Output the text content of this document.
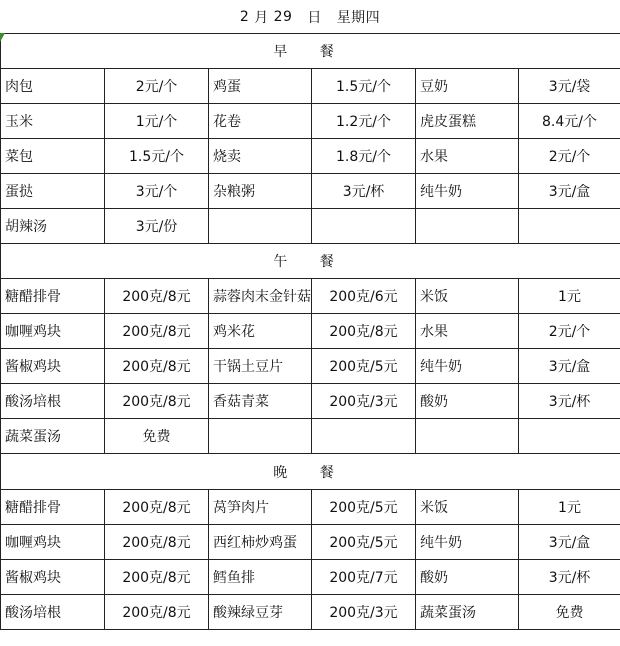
2
月
29
日
星期四
早 餐					
肉包	2元/个	鸡蛋	1.5元/个	豆奶	3元/袋
玉米	1元/个	花卷	1.2元/个	虎皮蛋糕	8.4元/个
菜包	1.5元/个	烧卖	1.8元/个	水果	2元/个
蛋挞	3元/个	杂粮粥	3元/杯	纯牛奶	3元/盒
胡辣汤	3元/份				
午 餐					
糖醋排骨	200克/8元	蒜蓉肉末金针菇	200克/6元	米饭	1元
咖喱鸡块	200克/8元	鸡米花	200克/8元	水果	2元/个
酱椒鸡块	200克/8元	干锅土豆片	200克/5元	纯牛奶	3元/盒
酸汤培根	200克/8元	香菇青菜	200克/3元	酸奶	3元/杯
蔬菜蛋汤	免费				
晚 餐					
糖醋排骨	200克/8元	莴笋肉片	200克/5元	米饭	1元
咖喱鸡块	200克/8元	西红柿炒鸡蛋	200克/5元	纯牛奶	3元/盒
酱椒鸡块	200克/8元	鳕鱼排	200克/7元	酸奶	3元/杯
酸汤培根	200克/8元	酸辣绿豆芽	200克/3元	蔬菜蛋汤	免费
